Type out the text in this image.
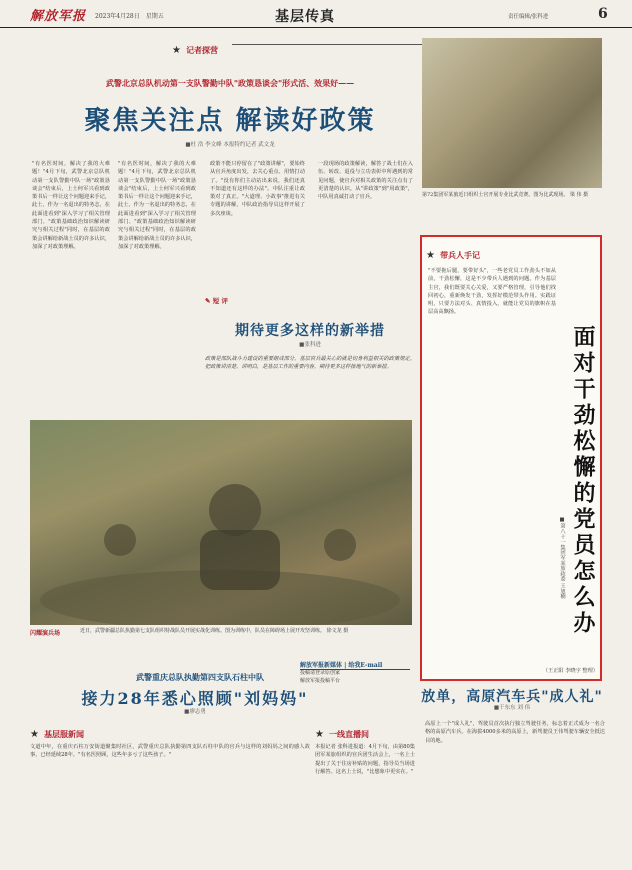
解放军报 2023年4月28日　星期五	基层传真	责任编辑/张科进	6
★ 记者探营
武警北京总队机动第一支队警勤中队"政策恳谈会"形式活、效果好——
聚焦关注点 解读好政策
■杜 浩 李文峰 本报特约记者 武文龙
"有名医时间，解决了我的大难题！"4月下旬，武警北京总队机动第一支队警勤中队一场"政策恳谈会"结束后，上士何军兴看到政策书后一样让这个问题迎来手记，此士，作为一名退出的特务志，在此面进看到"深入学习了相关管理部门、"政策基础政治知识解读研究与相关过程"同时，在基层的政策会讲解给新战士员的许多认识，加深了对政策理解。
"有名医时间，解决了我的大难题！"4月下旬，武警北京总队机动第一支队警勤中队一场"政策恳谈会"结束后，上士何军兴看到政策书后一样让这个问题迎来手记，此士，作为一名退出的特务志，在此面进看到"深入学习了相关管理部门、"政策基础政治知识解读研究与相关过程"同时，在基层的政策会讲解给新战士员的许多认识，加深了对政策理解。
政策不能只停留在了"政策讲解"，要始终从官兵角度出发，去关心重点、用情打动了。"没有你们主动站出来说，我们还真不知道还有这样的办法"。中队注重让政策对了真正。"大道理、小故事"推进有关专题的讲解，中队政治指导员这样开展了多次座谈。
一段现场的政策解读，解答了战士们在入伍、转改、退役与立功表彰中所遇到的常见问题，使官兵对相关政策的关注点有了更清楚的认识。从"讲政策"到"用政策"，中队用真诚打动了官兵。
✎ 短 评
期待更多这样的新举措
■张科进
政策是部队战斗力建设的重要组成部分，基层官兵最关心的就是切身利益相关的政策规定。把政策讲清楚、讲明白，是基层工作的重要内容。期待更多这样接地气的新举措。
闪耀演兵场	近日，武警新疆总队执勤第七支队组织特战队员开展实战化训练。图为训练中，队员在障碍场上展开攻坚训练。 徐文龙 摄
第72集团军某旅近日组织士官开展专业比武竞赛。图为比武现场。 梁 伟 摄
★ 带兵人手记
"不要拖后腿，要带好头"，一些老党员工作劲头不如从前，干劲松懈，这是不少带兵人遇到的问题。作为基层主官，我们既要关心关爱，又要严格管理，引导他们找回初心，重新焕发干劲，发挥好模范带头作用。实践证明，只要方法对头、真情投入，就能让党员的旗帜在基层高高飘扬。
面对干劲松懈的党员怎么办
■第八十一集团军某旅政委 王旭楠
（王正阳 李晓宇 整理）
武警重庆总队执勤第四支队石柱中队
接力28年悉心照顾"刘妈妈"
■廖志勇
解放军报新媒体 | 给我E-mail
投稿请登录原创家
解放军报投稿平台
放单，高原汽车兵"成人礼"
■干东东 刘 伟
★ 基层服新闻
文道中年，在重庆石柱万安街道聚集时社区，武警重庆总队执勤第四支队石柱中队的官兵与这样的刘妈妈之间的感人故事，已经延续28年。"有名医照顾，这些年多亏了这些孩子。"
★ 一线直播间
本报记者 张科进报道：4月下旬，由第80集团军某旅组织的官兵团生活会上，一名上士提出了关于住房补贴的问题，指导员当场进行解答。这名上士说，"比想象中更实在。"
高原上一个"成人礼"，驾驶员首次执行独立驾驶任务，标志着正式成为一名合格的高原汽车兵。在海拔4000多米的高原上，新驾驶员王伟驾驶车辆安全抵达目的地。
